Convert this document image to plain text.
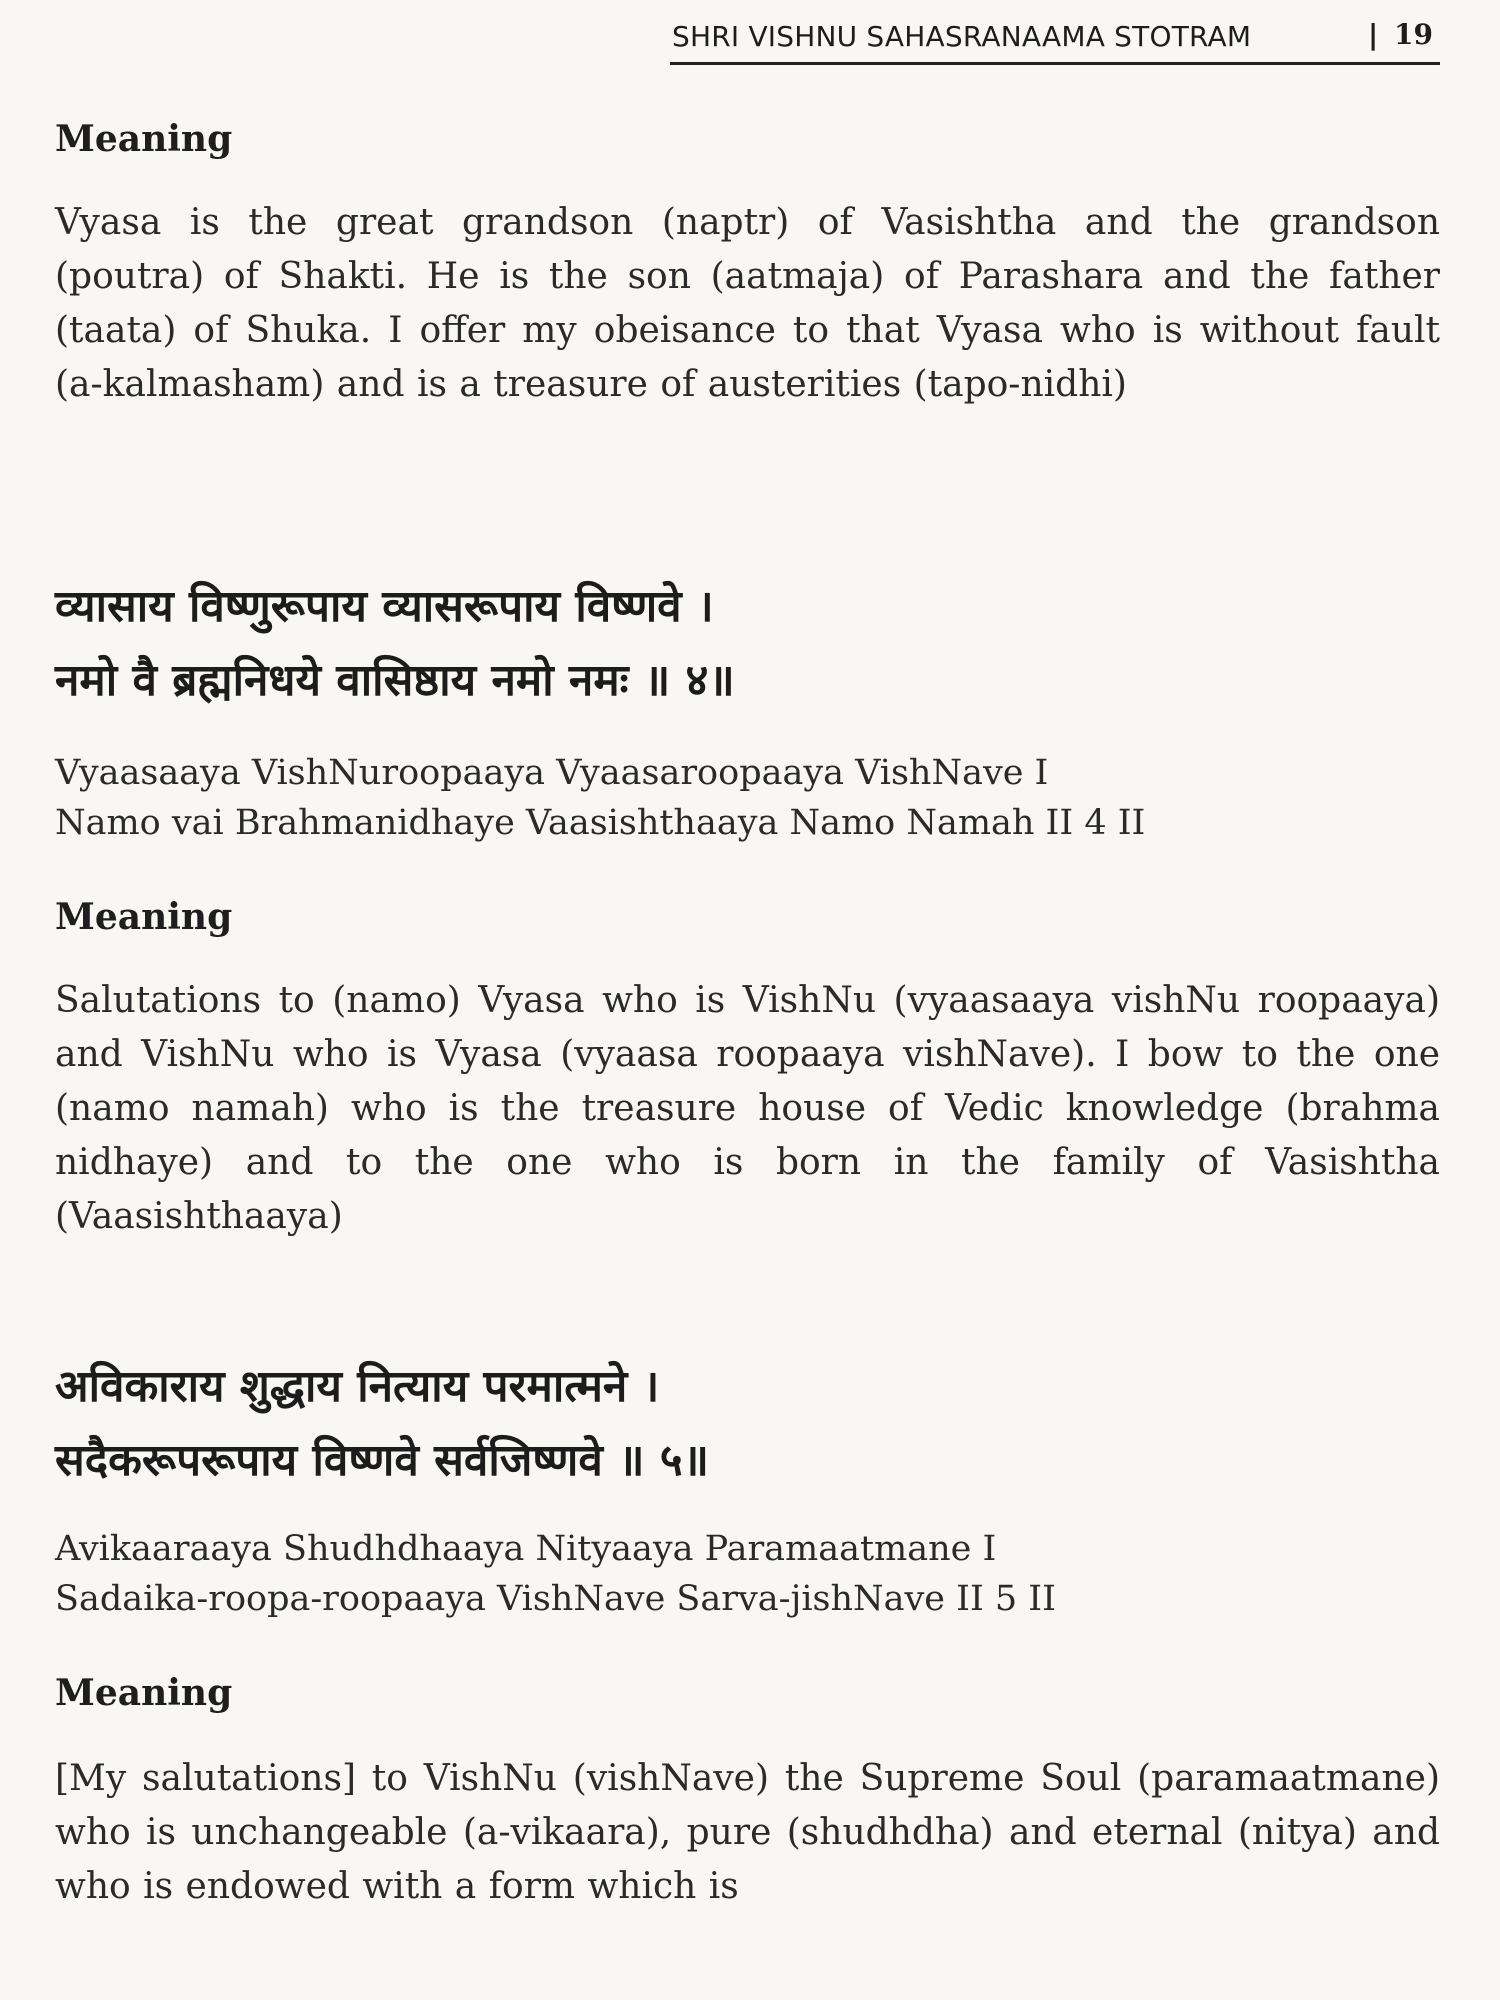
SHRI VISHNU SAHASRANAAMA STOTRAM	| 19
Meaning
Vyasa is the great grandson (naptr) of Vasishtha and the grandson (poutra) of Shakti. He is the son (aatmaja) of Parashara and the father (taata) of Shuka. I offer my obeisance to that Vyasa who is without fault (a-kalmasham) and is a treasure of austerities (tapo-nidhi)
व्यासाय विष्णुरूपाय व्यासरूपाय विष्णवे ।
नमो वै ब्रह्मनिधये वासिष्ठाय नमो नमः ॥ ४॥
Vyaasaaya VishNuroopaaya Vyaasaroopaaya VishNave I
Namo vai Brahmanidhaye Vaasishthaaya Namo Namah II 4 II
Meaning
Salutations to (namo) Vyasa who is VishNu (vyaasaaya vishNu roopaaya) and VishNu who is Vyasa (vyaasa roopaaya vishNave). I bow to the one (namo namah) who is the treasure house of Vedic knowledge (brahma nidhaye) and to the one who is born in the family of Vasishtha (Vaasishthaaya)
अविकाराय शुद्धाय नित्याय परमात्मने ।
सदैकरूपरूपाय विष्णवे सर्वजिष्णवे ॥ ५॥
Avikaaraaya Shudhdhaaya Nityaaya Paramaatmane I
Sadaika-roopa-roopaaya VishNave Sarva-jishNave II 5 II
Meaning
[My salutations] to VishNu (vishNave) the Supreme Soul (paramaatmane) who is unchangeable (a-vikaara), pure (shudhdha) and eternal (nitya) and who is endowed with a form which is
